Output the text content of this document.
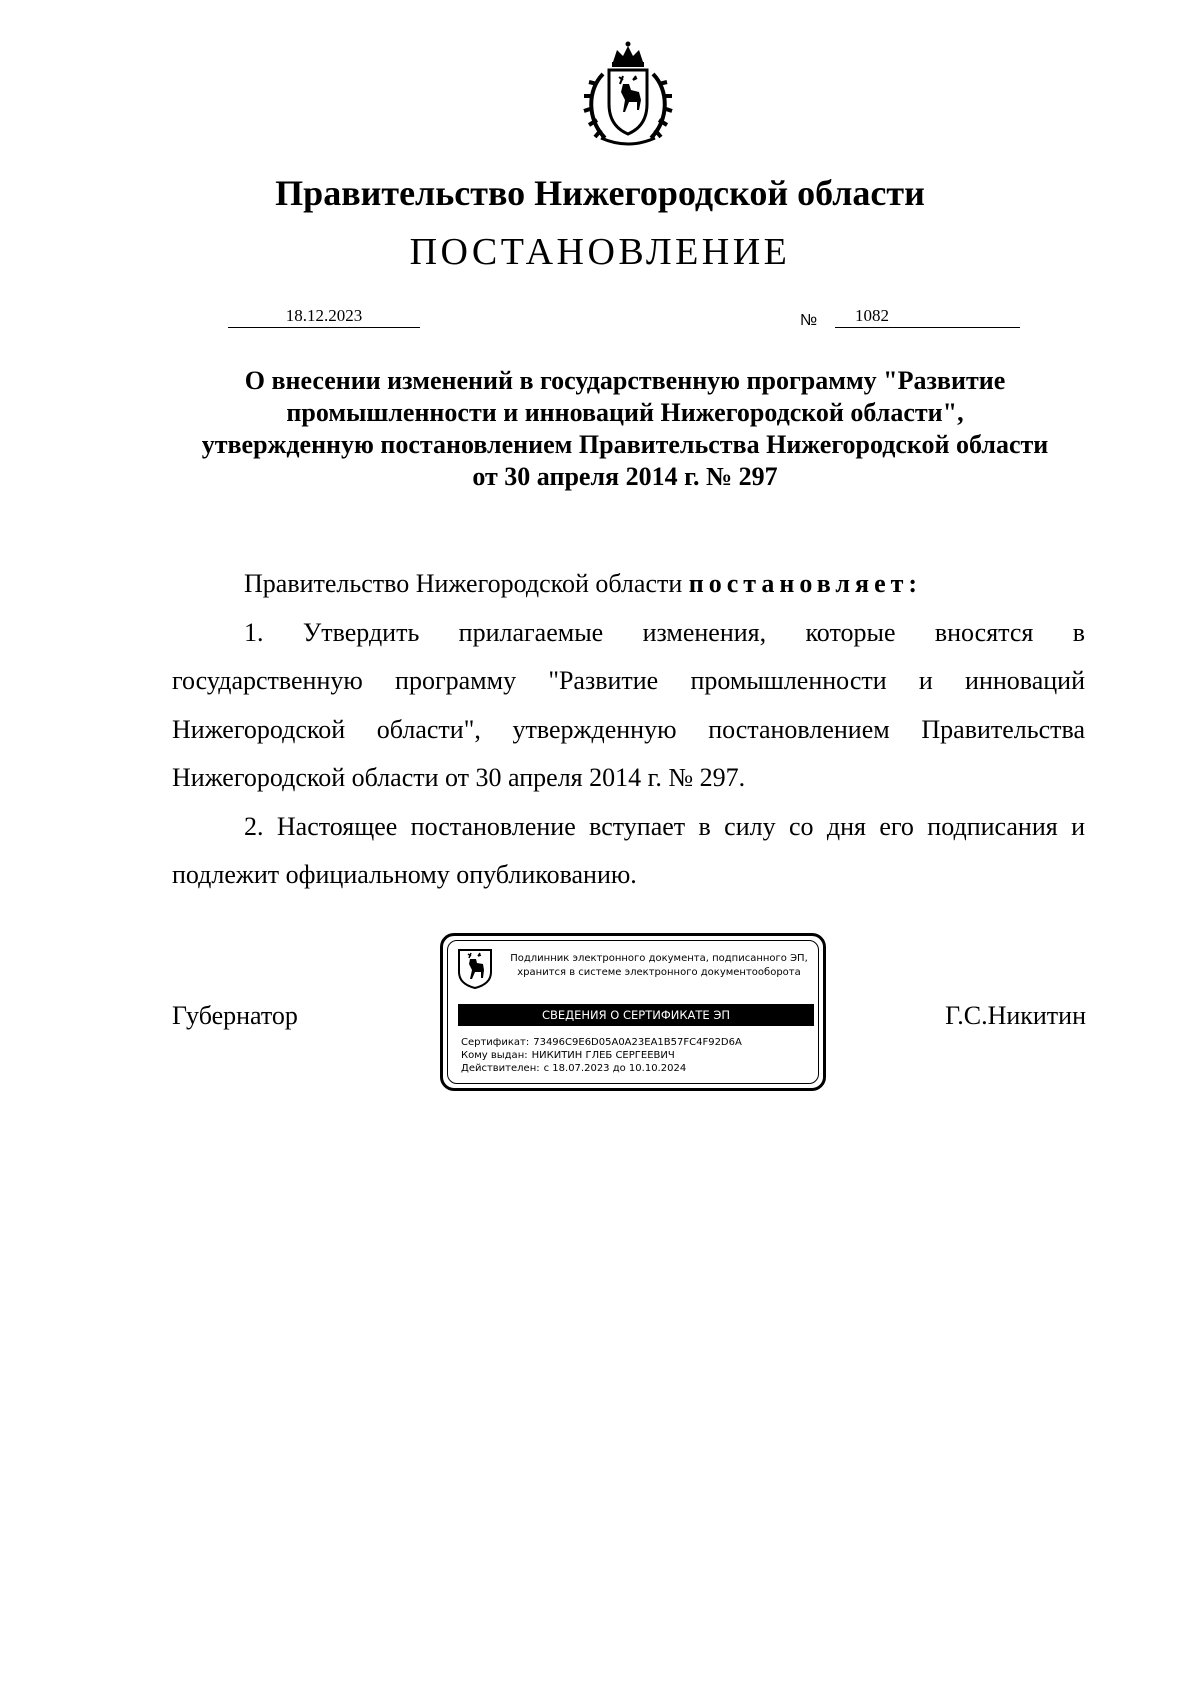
Правительство Нижегородской области
ПОСТАНОВЛЕНИЕ
18.12.2023	№	1082
О внесении изменений в государственную программу "Развитие промышленности и инноваций Нижегородской области", утвержденную постановлением Правительства Нижегородской области от 30 апреля 2014 г. № 297

Правительство Нижегородской области постановляет:

1. Утвердить прилагаемые изменения, которые вносятся в государственную программу "Развитие промышленности и инноваций Нижегородской области", утвержденную постановлением Правительства Нижегородской области от 30 апреля 2014 г. № 297.

2. Настоящее постановление вступает в силу со дня его подписания и подлежит официальному опубликованию.

Губернатор	Г.С.Никитин
Подлинник электронного документа, подписанного ЭП,
хранится в системе электронного документооборота
СВЕДЕНИЯ О СЕРТИФИКАТЕ ЭП
Сертификат: 73496C9E6D05A0A23EA1B57FC4F92D6A
Кому выдан: НИКИТИН ГЛЕБ СЕРГЕЕВИЧ
Действителен: с 18.07.2023 до 10.10.2024
